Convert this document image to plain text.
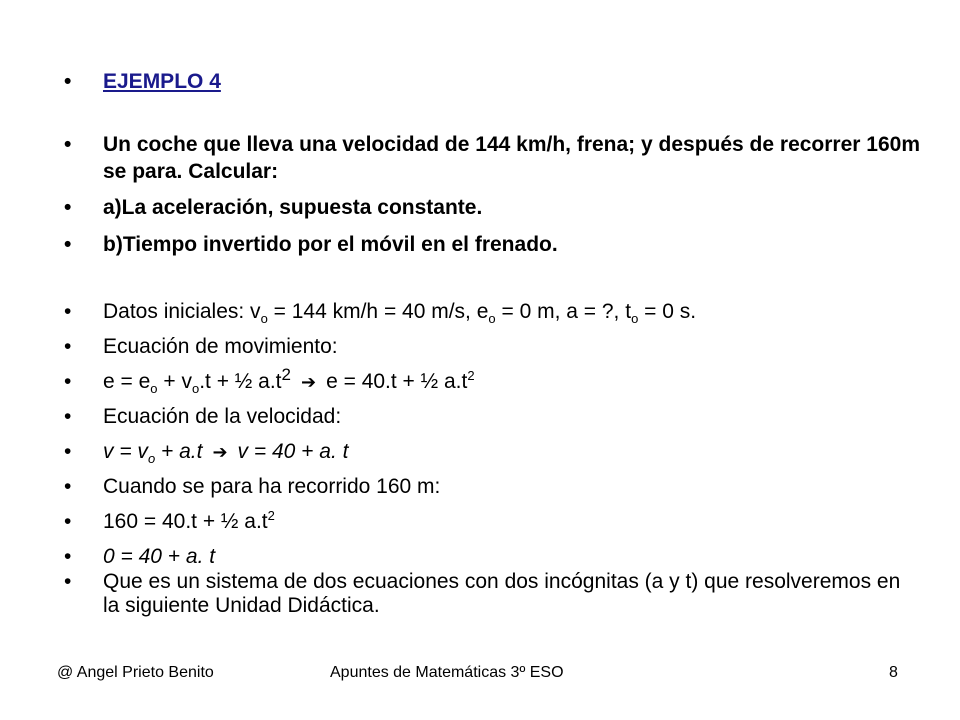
•	EJEMPLO 4
•	Un coche que lleva una velocidad de 144 km/h, frena; y después de recorrer 160m se para. Calcular:
•	a)La aceleración, supuesta constante.
•	b)Tiempo invertido por el móvil en el frenado.
•	Datos iniciales: $v_o = 144$ km/h = 40 m/s, $e_o = 0$ m, a = ?, $t_o = 0$ s.
•	Ecuación de movimiento:
•	$e = e_o + v_o.t$ + ½ $a.t^2$ ➔ e = 40.t + ½ $a.t^2$
•	Ecuación de la velocidad:
•	$v = v_o + a.t$ ➔ v = 40 + a. t
•	Cuando se para ha recorrido 160 m:
•	160 = 40.t + ½ $a.t^2$
•	0 = 40 + a. t
•	Que es un sistema de dos ecuaciones con dos incógnitas (a y t) que resolveremos en la siguiente Unidad Didáctica.
@ Angel Prieto Benito	Apuntes de Matemáticas 3º ESO	8
